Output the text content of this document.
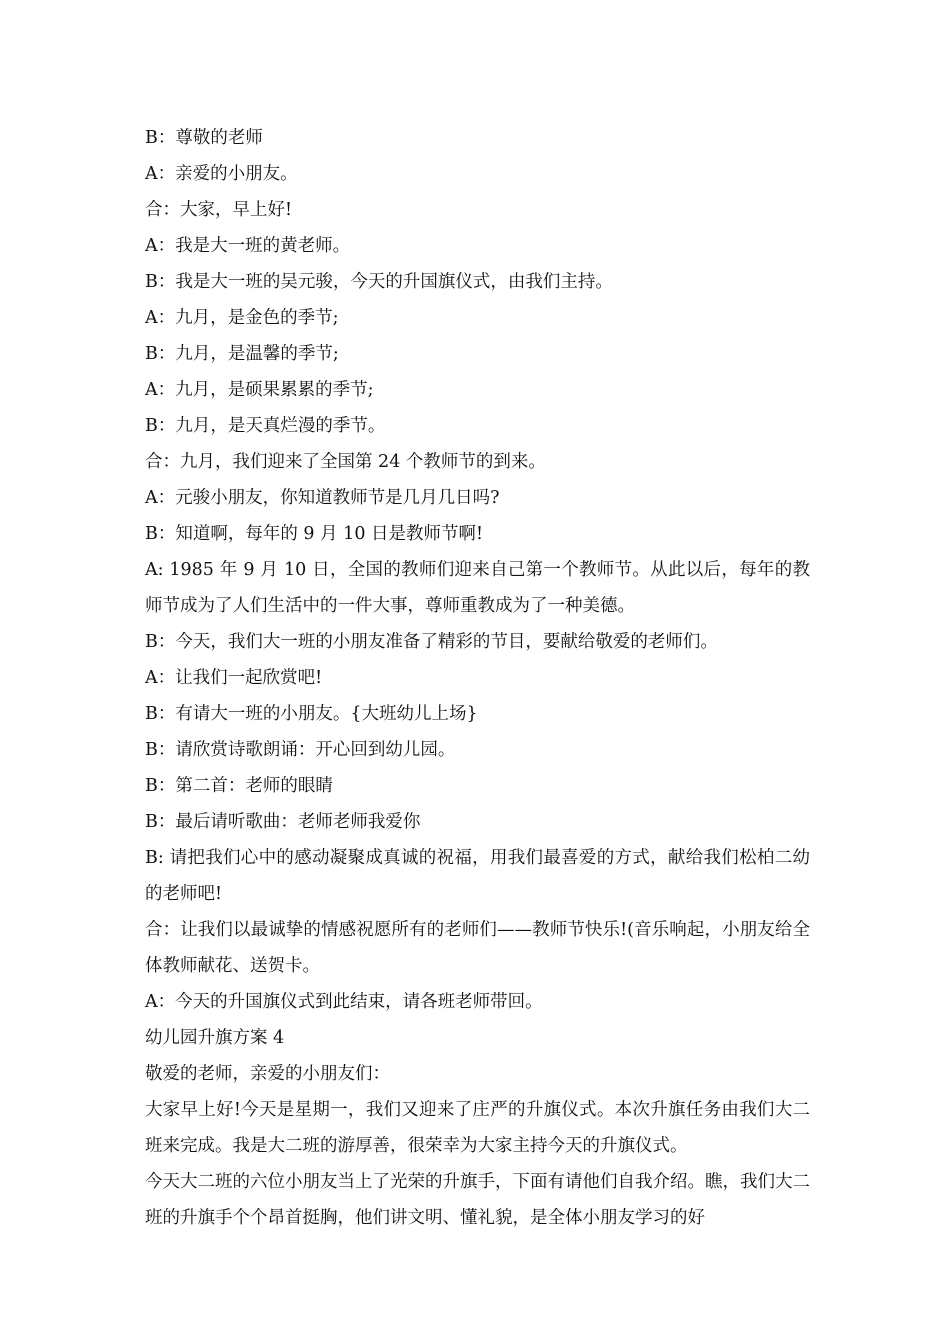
B：尊敬的老师

A：亲爱的小朋友。

合：大家，早上好!

A：我是大一班的黄老师。

B：我是大一班的吴元骏，今天的升国旗仪式，由我们主持。

A：九月，是金色的季节;

B：九月，是温馨的季节;

A：九月，是硕果累累的季节;

B：九月，是天真烂漫的季节。

合：九月，我们迎来了全国第 24 个教师节的到来。

A：元骏小朋友，你知道教师节是几月几日吗?

B：知道啊，每年的 9 月 10 日是教师节啊!

A: 1985 年 9 月 10 日，全国的教师们迎来自己第一个教师节。从此以后，每年的教师节成为了人们生活中的一件大事，尊师重教成为了一种美德。

B：今天，我们大一班的小朋友准备了精彩的节目，要献给敬爱的老师们。

A：让我们一起欣赏吧!

B：有请大一班的小朋友。{大班幼儿上场}

B：请欣赏诗歌朗诵：开心回到幼儿园。

B：第二首：老师的眼睛

B：最后请听歌曲：老师老师我爱你

B: 请把我们心中的感动凝聚成真诚的祝福，用我们最喜爱的方式，献给我们松柏二幼的老师吧!

合：让我们以最诚挚的情感祝愿所有的老师们——教师节快乐!(音乐响起，小朋友给全体教师献花、送贺卡。

A：今天的升国旗仪式到此结束，请各班老师带回。

幼儿园升旗方案 4

敬爱的老师，亲爱的小朋友们：

大家早上好!今天是星期一，我们又迎来了庄严的升旗仪式。本次升旗任务由我们大二班来完成。我是大二班的游厚善，很荣幸为大家主持今天的升旗仪式。

今天大二班的六位小朋友当上了光荣的升旗手，下面有请他们自我介绍。瞧，我们大二班的升旗手个个昂首挺胸，他们讲文明、懂礼貌，是全体小朋友学习的好
